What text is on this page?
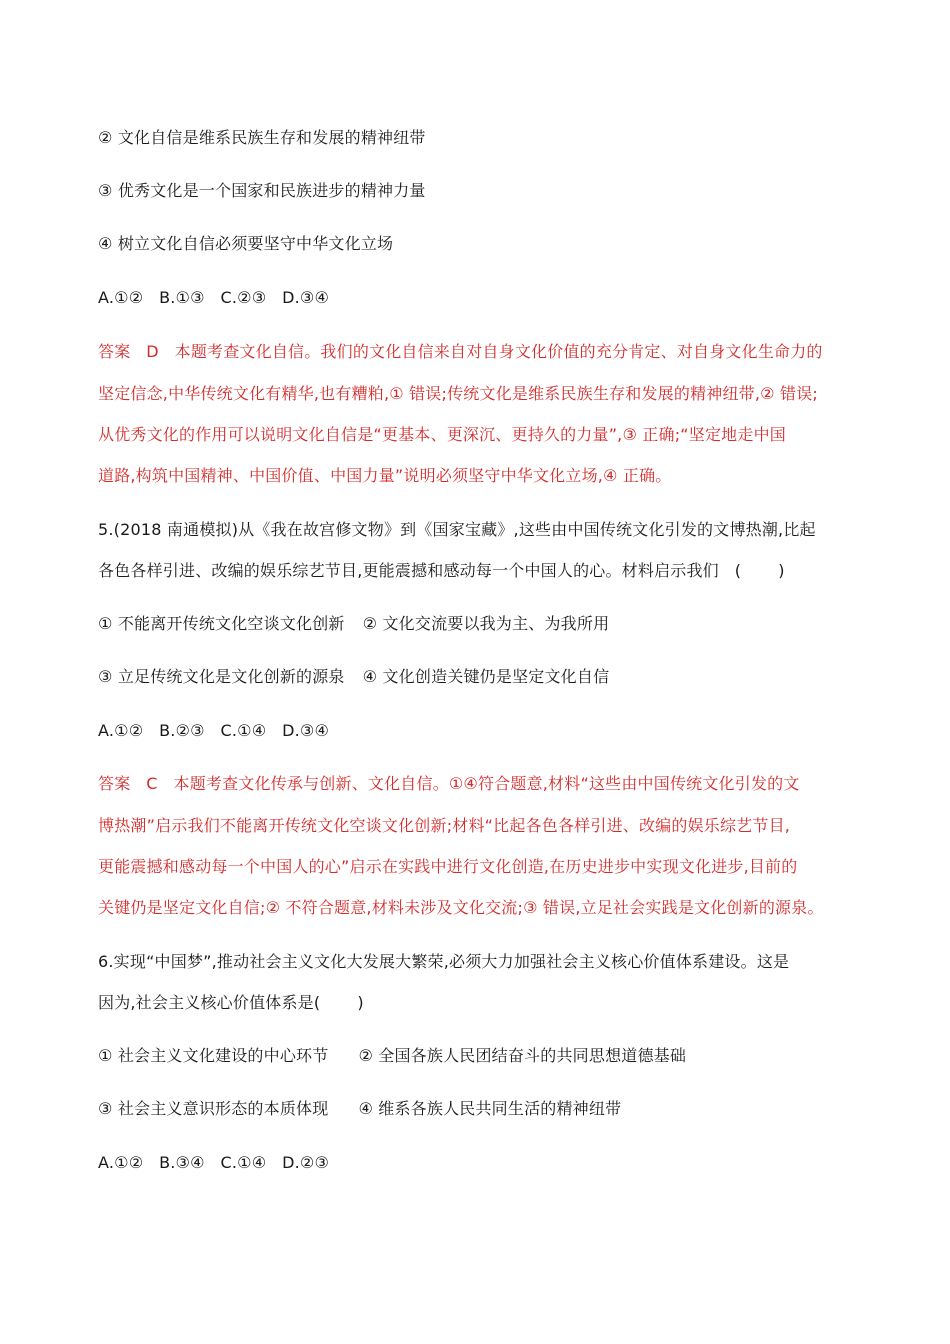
② 文化自信是维系民族生存和发展的精神纽带
③ 优秀文化是一个国家和民族进步的精神力量
④ 树立文化自信必须要坚守中华文化立场
A.①②   B.①③   C.②③   D.③④
答案   D   本题考查文化自信。我们的文化自信来自对自身文化价值的充分肯定、对自身文化生命力的
坚定信念,中华传统文化有精华,也有糟粕,① 错误;传统文化是维系民族生存和发展的精神纽带,② 错误;
从优秀文化的作用可以说明文化自信是“更基本、更深沉、更持久的力量”,③ 正确;“坚定地走中国
道路,构筑中国精神、中国价值、中国力量”说明必须坚守中华文化立场,④ 正确。
5.(2018 南通模拟)从《我在故宫修文物》到《国家宝藏》,这些由中国传统文化引发的文博热潮,比起
各色各样引进、改编的娱乐综艺节目,更能震撼和感动每一个中国人的心。材料启示我们   (       )
① 不能离开传统文化空谈文化创新 ② 文化交流要以我为主、为我所用
③ 立足传统文化是文化创新的源泉 ④ 文化创造关键仍是坚定文化自信
A.①②   B.②③   C.①④   D.③④
答案   C   本题考查文化传承与创新、文化自信。①④符合题意,材料“这些由中国传统文化引发的文
博热潮”启示我们不能离开传统文化空谈文化创新;材料“比起各色各样引进、改编的娱乐综艺节目,
更能震撼和感动每一个中国人的心”启示在实践中进行文化创造,在历史进步中实现文化进步,目前的
关键仍是坚定文化自信;② 不符合题意,材料未涉及文化交流;③ 错误,立足社会实践是文化创新的源泉。
6.实现“中国梦”,推动社会主义文化大发展大繁荣,必须大力加强社会主义核心价值体系建设。这是
因为,社会主义核心价值体系是(       )
① 社会主义文化建设的中心环节 ② 全国各族人民团结奋斗的共同思想道德基础
③ 社会主义意识形态的本质体现 ④ 维系各族人民共同生活的精神纽带
A.①②   B.③④   C.①④   D.②③
